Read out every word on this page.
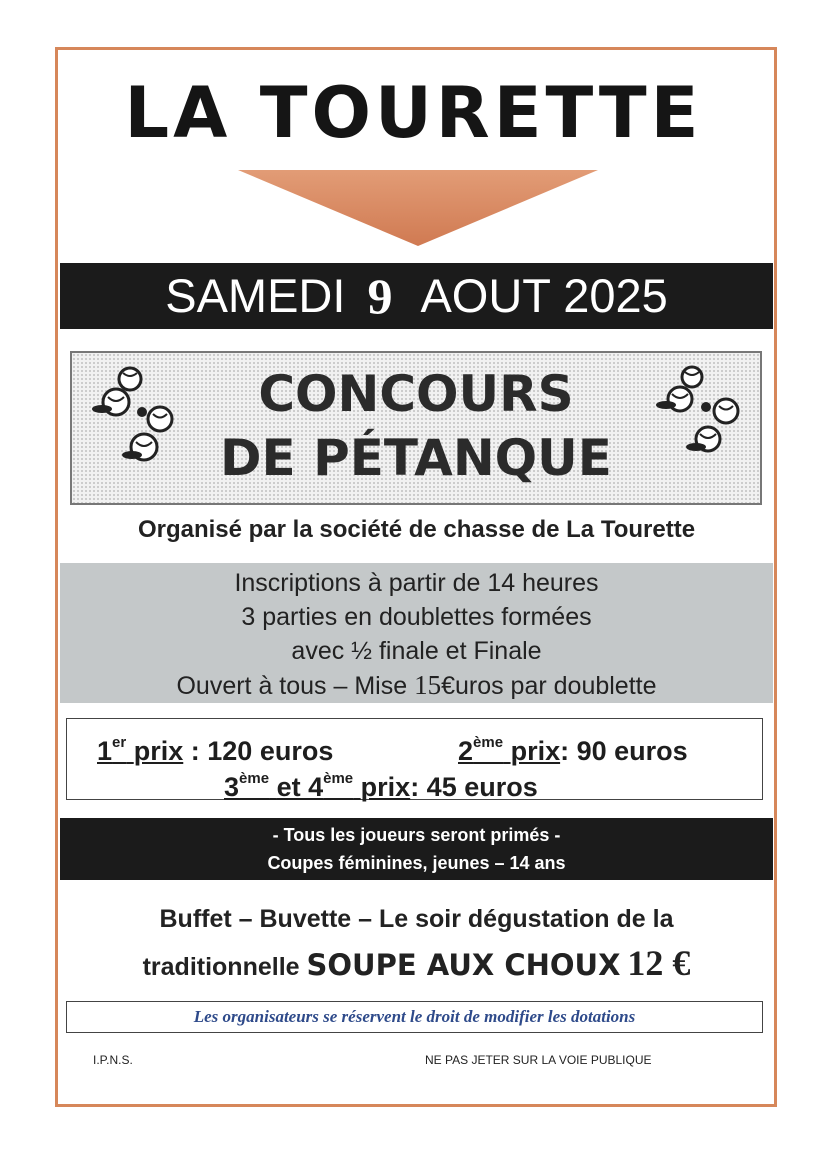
LA TOURETTE
SAMEDI 9 AOUT 2025
CONCOURS
DE PÉTANQUE
Organisé par la société de chasse de La Tourette
Inscriptions à partir de 14 heures
3 parties en doublettes formées
avec ½ finale et Finale
Ouvert à tous – Mise 15€uros par doublette
1er prix : 120 euros	2ème prix: 90 euros
3ème et 4ème prix: 45 euros
- Tous les joueurs seront primés -
Coupes féminines, jeunes – 14 ans
Buffet – Buvette – Le soir dégustation de la
traditionnelle SOUPE AUX CHOUX 12 €
Les organisateurs se réservent le droit de modifier les dotations
I.P.N.S.	NE PAS JETER SUR LA VOIE PUBLIQUE
